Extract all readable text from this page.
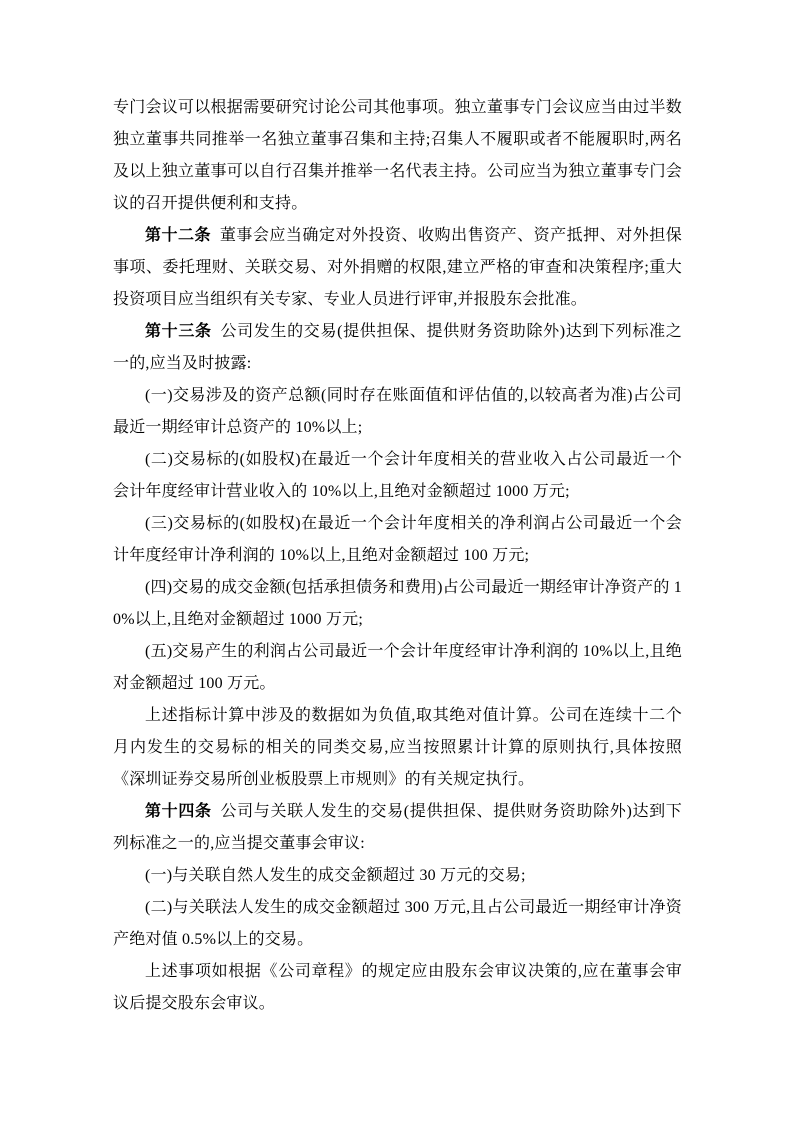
专门会议可以根据需要研究讨论公司其他事项。独立董事专门会议应当由过半数独立董事共同推举一名独立董事召集和主持;召集人不履职或者不能履职时,两名及以上独立董事可以自行召集并推举一名代表主持。公司应当为独立董事专门会议的召开提供便利和支持。

第十二条 董事会应当确定对外投资、收购出售资产、资产抵押、对外担保事项、委托理财、关联交易、对外捐赠的权限,建立严格的审查和决策程序;重大投资项目应当组织有关专家、专业人员进行评审,并报股东会批准。

第十三条 公司发生的交易(提供担保、提供财务资助除外)达到下列标准之一的,应当及时披露:

(一)交易涉及的资产总额(同时存在账面值和评估值的,以较高者为准)占公司最近一期经审计总资产的 10%以上;

(二)交易标的(如股权)在最近一个会计年度相关的营业收入占公司最近一个会计年度经审计营业收入的 10%以上,且绝对金额超过 1000 万元;

(三)交易标的(如股权)在最近一个会计年度相关的净利润占公司最近一个会计年度经审计净利润的 10%以上,且绝对金额超过 100 万元;

(四)交易的成交金额(包括承担债务和费用)占公司最近一期经审计净资产的 10%以上,且绝对金额超过 1000 万元;

(五)交易产生的利润占公司最近一个会计年度经审计净利润的 10%以上,且绝对金额超过 100 万元。

上述指标计算中涉及的数据如为负值,取其绝对值计算。公司在连续十二个月内发生的交易标的相关的同类交易,应当按照累计计算的原则执行,具体按照《深圳证券交易所创业板股票上市规则》的有关规定执行。

第十四条 公司与关联人发生的交易(提供担保、提供财务资助除外)达到下列标准之一的,应当提交董事会审议:

(一)与关联自然人发生的成交金额超过 30 万元的交易;

(二)与关联法人发生的成交金额超过 300 万元,且占公司最近一期经审计净资产绝对值 0.5%以上的交易。

上述事项如根据《公司章程》的规定应由股东会审议决策的,应在董事会审议后提交股东会审议。
